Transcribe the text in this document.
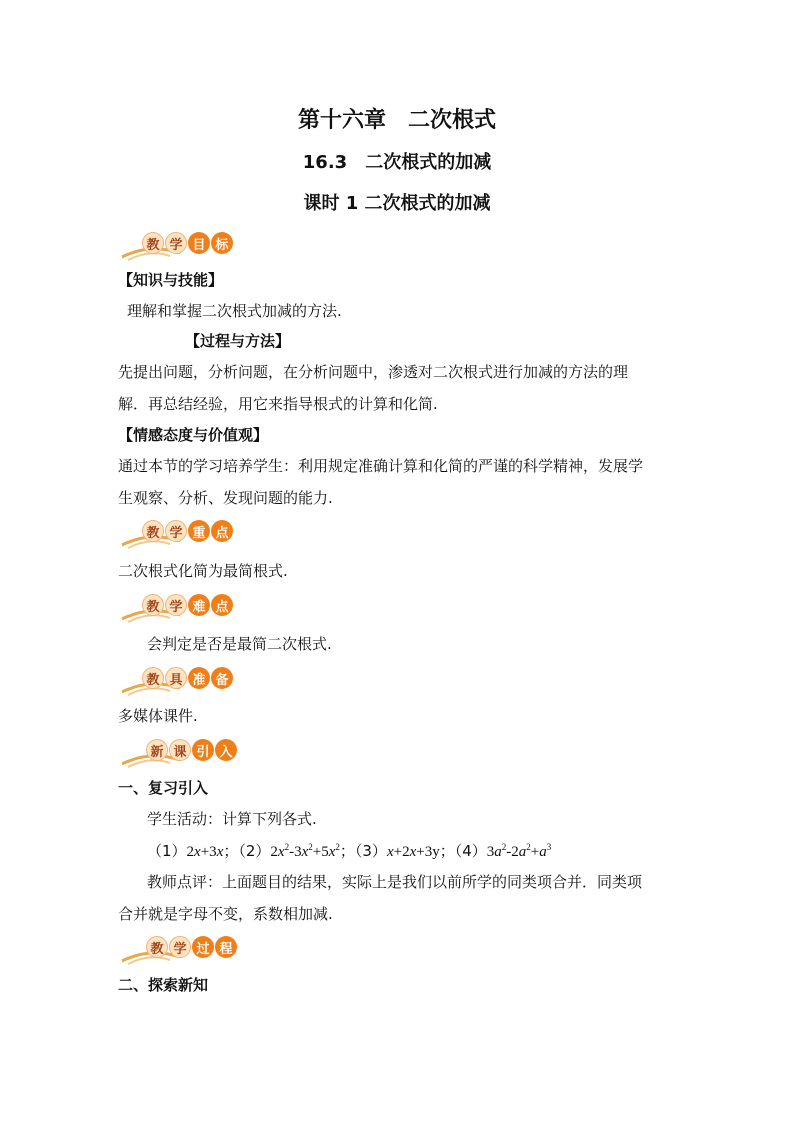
第十六章　二次根式
16.3　二次根式的加减
课时 1 二次根式的加减
教 学 目 标
【知识与技能】
理解和掌握二次根式加减的方法.
【过程与方法】
先提出问题，分析问题，在分析问题中，渗透对二次根式进行加减的方法的理
解．再总结经验，用它来指导根式的计算和化简.
【情感态度与价值观】
通过本节的学习培养学生：利用规定准确计算和化简的严谨的科学精神，发展学
生观察、分析、发现问题的能力.
教 学 重 点
二次根式化简为最简根式.
教 学 难 点
会判定是否是最简二次根式.
教 具 准 备
多媒体课件.
新 课 引 入
一、复习引入
学生活动：计算下列各式.
（1）2x+3x；$(2)2x^2-3x^2+5x^2$；（3）x+2x+3y；$(4)3a^2-2a^2+a^3$
教师点评：上面题目的结果，实际上是我们以前所学的同类项合并．同类项
合并就是字母不变，系数相加减.
教 学 过 程
二、探索新知
